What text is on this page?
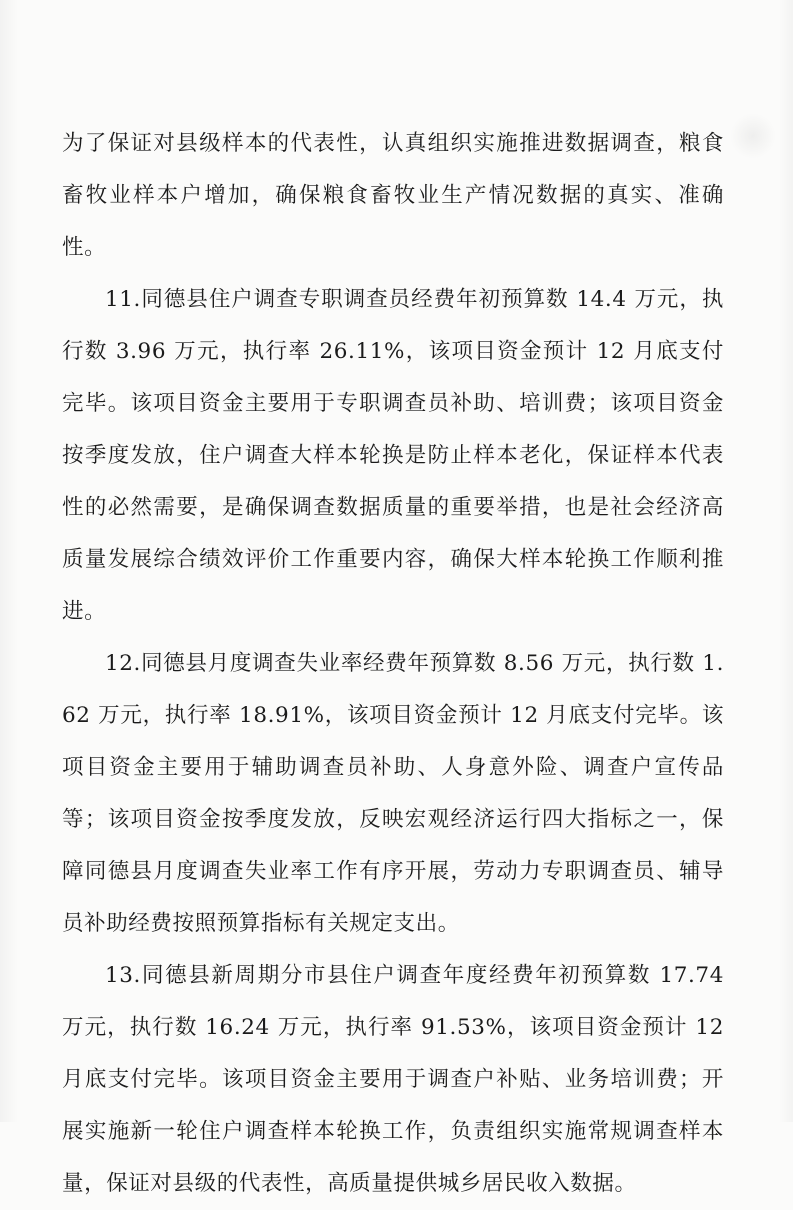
为了保证对县级样本的代表性，认真组织实施推进数据调查，粮食畜牧业样本户增加，确保粮食畜牧业生产情况数据的真实、准确性。

11.同德县住户调查专职调查员经费年初预算数 14.4 万元，执行数 3.96 万元，执行率 26.11%，该项目资金预计 12 月底支付完毕。该项目资金主要用于专职调查员补助、培训费；该项目资金按季度发放，住户调查大样本轮换是防止样本老化，保证样本代表性的必然需要，是确保调查数据质量的重要举措，也是社会经济高质量发展综合绩效评价工作重要内容，确保大样本轮换工作顺利推进。

12.同德县月度调查失业率经费年预算数 8.56 万元，执行数 1.62 万元，执行率 18.91%，该项目资金预计 12 月底支付完毕。该项目资金主要用于辅助调查员补助、人身意外险、调查户宣传品等；该项目资金按季度发放，反映宏观经济运行四大指标之一，保障同德县月度调查失业率工作有序开展，劳动力专职调查员、辅导员补助经费按照预算指标有关规定支出。

13.同德县新周期分市县住户调查年度经费年初预算数 17.74 万元，执行数 16.24 万元，执行率 91.53%，该项目资金预计 12 月底支付完毕。该项目资金主要用于调查户补贴、业务培训费；开展实施新一轮住户调查样本轮换工作，负责组织实施常规调查样本量，保证对县级的代表性，高质量提供城乡居民收入数据。
